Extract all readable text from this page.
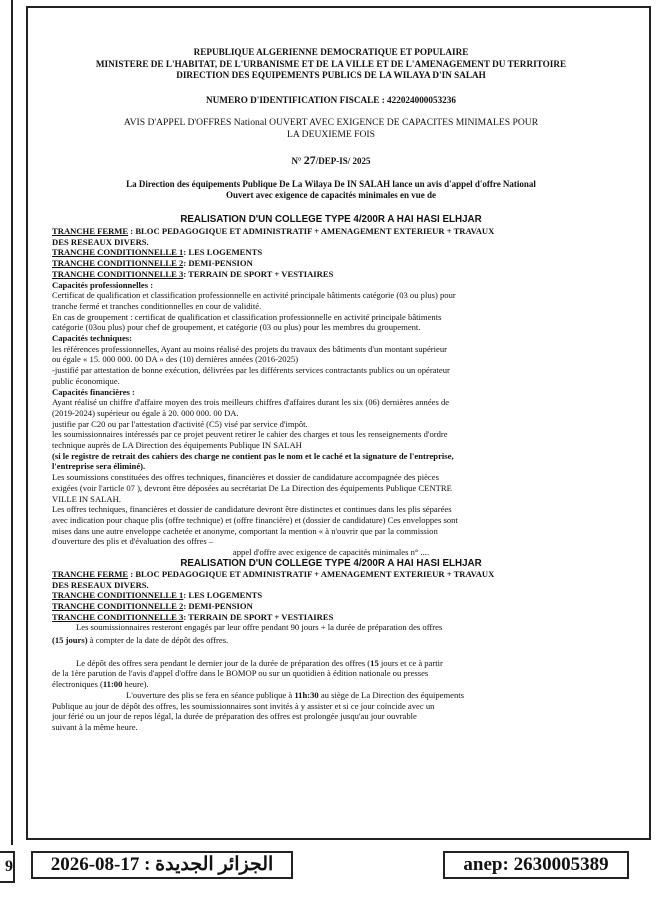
9

REPUBLIQUE ALGERIENNE DEMOCRATIQUE ET POPULAIRE

MINISTERE DE L'HABITAT, DE L'URBANISME ET DE LA VILLE ET DE L'AMENAGEMENT DU TERRITOIRE

DIRECTION DES EQUIPEMENTS PUBLICS DE LA WILAYA D'IN SALAH

NUMERO D'IDENTIFICATION FISCALE : 422024000053236

AVIS D'APPEL D'OFFRES National OUVERT AVEC EXIGENCE DE CAPACITES MINIMALES POUR

LA DEUXIEME FOIS

N° 27/DEP-IS/ 2025

La Direction des équipements Publique De La Wilaya De IN SALAH lance un avis d'appel d'offre National

Ouvert avec exigence de capacités minimales en vue de

REALISATION D'UN COLLEGE TYPE 4/200R A HAI HASI ELHJAR

TRANCHE FERME : BLOC PEDAGOGIQUE ET ADMINISTRATIF + AMENAGEMENT EXTERIEUR + TRAVAUX

DES RESEAUX DIVERS.

TRANCHE CONDITIONNELLE 1: LES LOGEMENTS

TRANCHE CONDITIONNELLE 2: DEMI-PENSION

TRANCHE CONDITIONNELLE 3: TERRAIN DE SPORT + VESTIAIRES

Capacités professionnelles :

Certificat de qualification et classification professionnelle en activité principale bâtiments catégorie (03 ou plus) pour

tranche fermé et tranches conditionnelles en cour de validité.

En cas de groupement : certificat de qualification et classification professionnelle en activité principale bâtiments

catégorie (03ou plus) pour chef de groupement, et catégorie (03 ou plus) pour les membres du groupement.

Capacités techniques:

les références professionnelles, Ayant au moins réalisé des projets du travaux des bâtiments d'un montant supérieur

ou égale « 15. 000 000. 00 DA » des (10) dernières années (2016-2025)

-justifié par attestation de bonne exécution, délivrées par les différents services contractants publics ou un opérateur

public économique.

Capacités financières :

Ayant réalisé un chiffre d'affaire moyen des trois meilleurs chiffres d'affaires durant les six (06) dernières années de

(2019-2024) supérieur ou égale à 20. 000 000. 00 DA.

justifie par C20 ou par l'attestation d'activité (C5) visé par service d'impôt.

les soumissionnaires intéressés par ce projet peuvent retirer le cahier des charges et tous les renseignements d'ordre

technique auprès de LA Direction des équipements Publique IN SALAH

(si le registre de retrait des cahiers des charge ne contient pas le nom et le caché et la signature de l'entreprise,

l'entreprise sera éliminé).

Les soumissions constituées des offres techniques, financières et dossier de candidature accompagnée des pièces

exigées (voir l'article 07 ), devront être déposées au secrétariat De La Direction des équipements Publique CENTRE

VILLE IN SALAH.

Les offres techniques, financières et dossier de candidature devront être distinctes et continues dans les plis séparées

avec indication pour chaque plis (offre technique) et (offre financière) et (dossier de candidature) Ces enveloppes sont

mises dans une autre enveloppe cachetée et anonyme, comportant la mention « à n'ouvrir que par la commission

d'ouverture des plis et d'évaluation des offres –

appel d'offre avec exigence de capacités minimales n° ....

REALISATION D'UN COLLEGE TYPE 4/200R A HAI HASI ELHJAR

TRANCHE FERME : BLOC PEDAGOGIQUE ET ADMINISTRATIF + AMENAGEMENT EXTERIEUR + TRAVAUX

DES RESEAUX DIVERS.

TRANCHE CONDITIONNELLE 1: LES LOGEMENTS

TRANCHE CONDITIONNELLE 2: DEMI-PENSION

TRANCHE CONDITIONNELLE 3: TERRAIN DE SPORT + VESTIAIRES

Les soumissionnaires resteront engagés par leur offre pendant 90 jours + la durée de préparation des offres

(15 jours) à compter de la date de dépôt des offres.

Le dépôt des offres sera pendant le dernier jour de la durée de préparation des offres (15 jours et ce à partir

de la 1ère parution de l'avis d'appel d'offre dans le BOMOP ou sur un quotidien à édition nationale ou presses

électroniques (11:00 heure).

L'ouverture des plis se fera en séance publique à 11h:30 au siège de La Direction des équipements

Publique au jour de dépôt des offres, les soumissionnaires sont invités à y assister et si ce jour coïncide avec un

jour férié ou un jour de repos légal, la durée de préparation des offres est prolongée jusqu'au jour ouvrable

suivant à la même heure.

الجزائر الجديدة : 17-08-2026	anep: 2630005389
